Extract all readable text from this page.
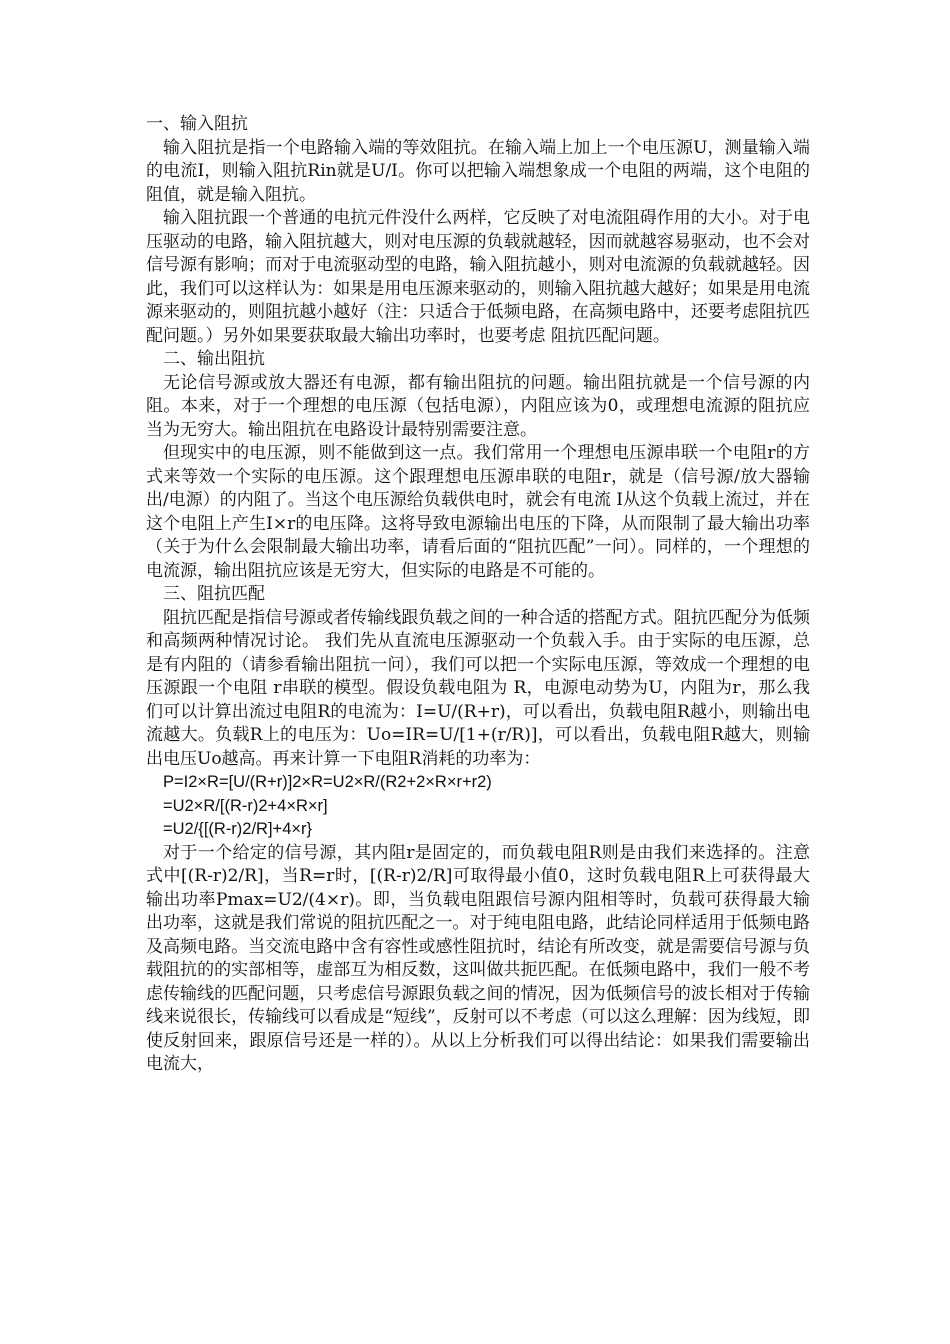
一、输入阻抗

输入阻抗是指一个电路输入端的等效阻抗。在输入端上加上一个电压源U，测量输入端的电流I，则输入阻抗Rin就是U/I。你可以把输入端想象成一个电阻的两端，这个电阻的阻值，就是输入阻抗。

输入阻抗跟一个普通的电抗元件没什么两样，它反映了对电流阻碍作用的大小。对于电压驱动的电路，输入阻抗越大，则对电压源的负载就越轻，因而就越容易驱动，也不会对信号源有影响；而对于电流驱动型的电路，输入阻抗越小，则对电流源的负载就越轻。因此，我们可以这样认为：如果是用电压源来驱动的，则输入阻抗越大越好；如果是用电流源来驱动的，则阻抗越小越好（注：只适合于低频电路，在高频电路中，还要考虑阻抗匹配问题。）另外如果要获取最大输出功率时，也要考虑 阻抗匹配问题。

二、输出阻抗

无论信号源或放大器还有电源，都有输出阻抗的问题。输出阻抗就是一个信号源的内阻。本来，对于一个理想的电压源（包括电源），内阻应该为0，或理想电流源的阻抗应当为无穷大。输出阻抗在电路设计最特别需要注意。

但现实中的电压源，则不能做到这一点。我们常用一个理想电压源串联一个电阻r的方式来等效一个实际的电压源。这个跟理想电压源串联的电阻r，就是（信号源/放大器输出/电源）的内阻了。当这个电压源给负载供电时，就会有电流 I从这个负载上流过，并在这个电阻上产生I×r的电压降。这将导致电源输出电压的下降，从而限制了最大输出功率（关于为什么会限制最大输出功率，请看后面的“阻抗匹配”一问）。同样的，一个理想的电流源，输出阻抗应该是无穷大，但实际的电路是不可能的。

三、阻抗匹配

阻抗匹配是指信号源或者传输线跟负载之间的一种合适的搭配方式。阻抗匹配分为低频和高频两种情况讨论。 我们先从直流电压源驱动一个负载入手。由于实际的电压源，总是有内阻的（请参看输出阻抗一问），我们可以把一个实际电压源，等效成一个理想的电压源跟一个电阻 r串联的模型。假设负载电阻为 R，电源电动势为U，内阻为r，那么我们可以计算出流过电阻R的电流为：I=U/(R+r)，可以看出，负载电阻R越小，则输出电流越大。负载R上的电压为：Uo=IR=U/[1+(r/R)]，可以看出，负载电阻R越大，则输出电压Uo越高。再来计算一下电阻R消耗的功率为：

P=I2×R=[U/(R+r)]2×R=U2×R/(R2+2×R×r+r2)

=U2×R/[(R-r)2+4×R×r]

=U2/{[(R-r)2/R]+4×r}

对于一个给定的信号源，其内阻r是固定的，而负载电阻R则是由我们来选择的。注意式中[(R-r)2/R]，当R=r时，[(R-r)2/R]可取得最小值0，这时负载电阻R上可获得最大输出功率Pmax=U2/(4×r)。即，当负载电阻跟信号源内阻相等时，负载可获得最大输出功率，这就是我们常说的阻抗匹配之一。对于纯电阻电路，此结论同样适用于低频电路及高频电路。当交流电路中含有容性或感性阻抗时，结论有所改变，就是需要信号源与负载阻抗的的实部相等，虚部互为相反数，这叫做共扼匹配。在低频电路中，我们一般不考虑传输线的匹配问题，只考虑信号源跟负载之间的情况，因为低频信号的波长相对于传输线来说很长，传输线可以看成是“短线”，反射可以不考虑（可以这么理解：因为线短，即使反射回来，跟原信号还是一样的）。从以上分析我们可以得出结论：如果我们需要输出电流大，
